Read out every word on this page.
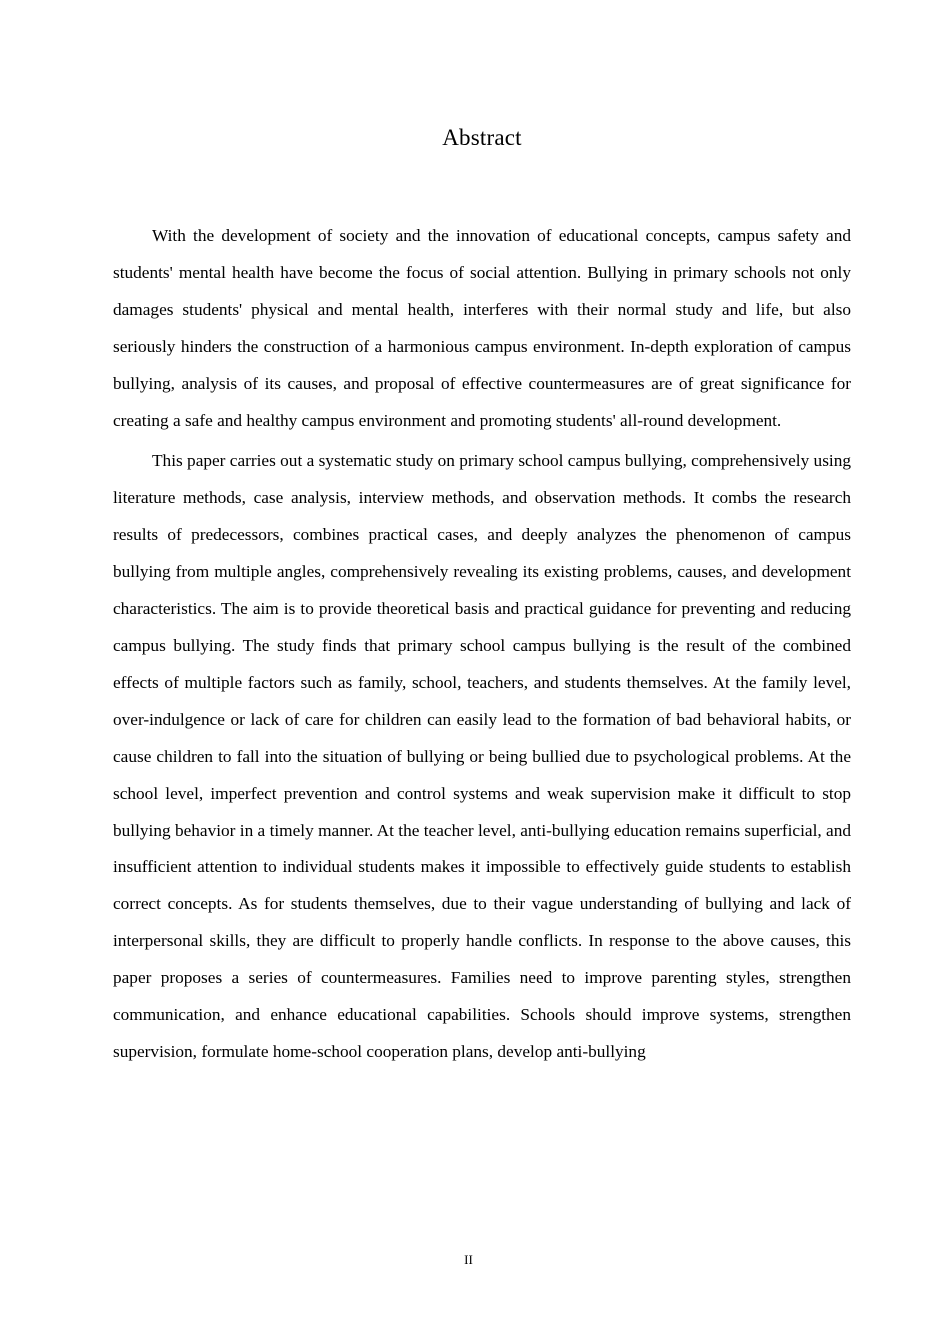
Abstract

With the development of society and the innovation of educational concepts, campus safety and students' mental health have become the focus of social attention. Bullying in primary schools not only damages students' physical and mental health, interferes with their normal study and life, but also seriously hinders the construction of a harmonious campus environment. In-depth exploration of campus bullying, analysis of its causes, and proposal of effective countermeasures are of great significance for creating a safe and healthy campus environment and promoting students' all-round development.

This paper carries out a systematic study on primary school campus bullying, comprehensively using literature methods, case analysis, interview methods, and observation methods. It combs the research results of predecessors, combines practical cases, and deeply analyzes the phenomenon of campus bullying from multiple angles, comprehensively revealing its existing problems, causes, and development characteristics. The aim is to provide theoretical basis and practical guidance for preventing and reducing campus bullying. The study finds that primary school campus bullying is the result of the combined effects of multiple factors such as family, school, teachers, and students themselves. At the family level, over-indulgence or lack of care for children can easily lead to the formation of bad behavioral habits, or cause children to fall into the situation of bullying or being bullied due to psychological problems. At the school level, imperfect prevention and control systems and weak supervision make it difficult to stop bullying behavior in a timely manner. At the teacher level, anti-bullying education remains superficial, and insufficient attention to individual students makes it impossible to effectively guide students to establish correct concepts. As for students themselves, due to their vague understanding of bullying and lack of interpersonal skills, they are difficult to properly handle conflicts. In response to the above causes, this paper proposes a series of countermeasures. Families need to improve parenting styles, strengthen communication, and enhance educational capabilities. Schools should improve systems, strengthen supervision, formulate home-school cooperation plans, develop anti-bullying

II
